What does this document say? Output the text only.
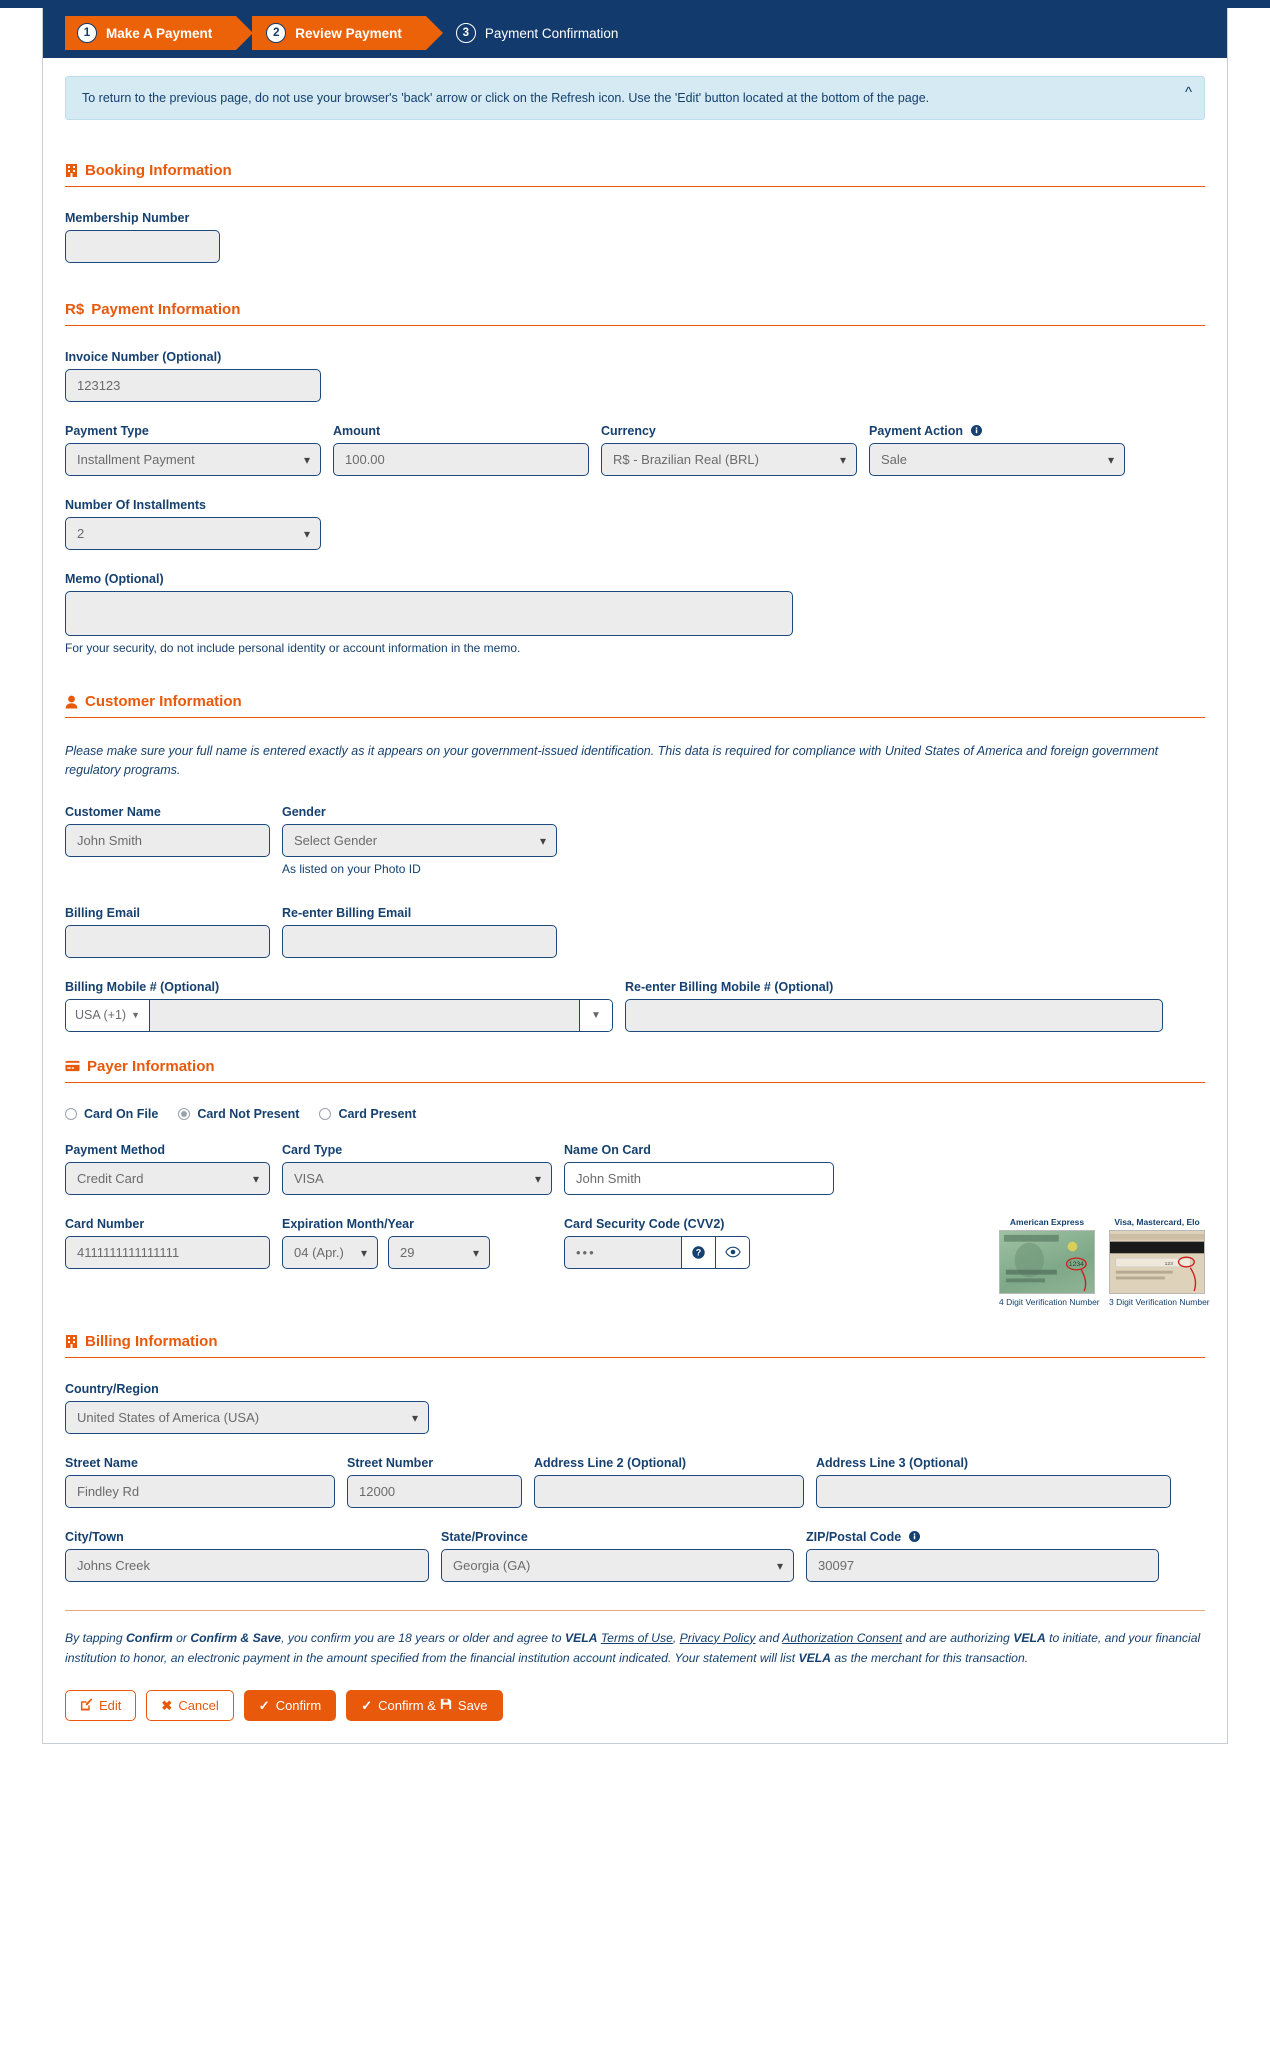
1	Make A Payment	2	Review Payment	3	Payment Confirmation
To return to the previous page, do not use your browser's 'back' arrow or click on the Refresh icon. Use the 'Edit' button located at the bottom of the page.	^
Booking Information
Membership Number
R$ Payment Information
Invoice Number (Optional)
123123
Payment Type
Installment Payment	▾
Amount
100.00
Currency
R$ - Brazilian Real (BRL)	▾
Payment Action
Sale	▾
Number Of Installments
2	▾
Memo (Optional)
For your security, do not include personal identity or account information in the memo.
Customer Information
Please make sure your full name is entered exactly as it appears on your government-issued identification. This data is required for compliance with United States of America and foreign government regulatory programs.
Customer Name
John Smith
Gender
Select Gender	▾
As listed on your Photo ID
Billing Email	Re-enter Billing Email
Billing Mobile # (Optional)
USA (+1) ▼	▼
Re-enter Billing Mobile # (Optional)
Payer Information
Card On File	Card Not Present	Card Present
Payment Method
Credit Card	▾
Card Type
VISA	▾
Name On Card
John Smith
Card Number
4111111111111111
Expiration Month/Year
04 (Apr.) ▾	29	▾
Card Security Code (CVV2)
•••	?
American Express
1234
4 Digit Verification Number
Visa, Mastercard, Elo
123
3 Digit Verification Number
Billing Information
Country/Region
United States of America (USA)	▾
Street Name
Findley Rd
Street Number
12000
Address Line 2 (Optional)	Address Line 3 (Optional)
City/Town
Johns Creek
State/Province
Georgia (GA)	▾
ZIP/Postal Code
30097
By tapping Confirm or Confirm & Save, you confirm you are 18 years or older and agree to VELA Terms of Use, Privacy Policy and Authorization Consent and are authorizing VELA to initiate, and your financial institution to honor, an electronic payment in the amount specified from the financial institution account indicated. Your statement will list VELA as the merchant for this transaction.
Edit	✖ Cancel	✓ Confirm	✓ Confirm & Save
